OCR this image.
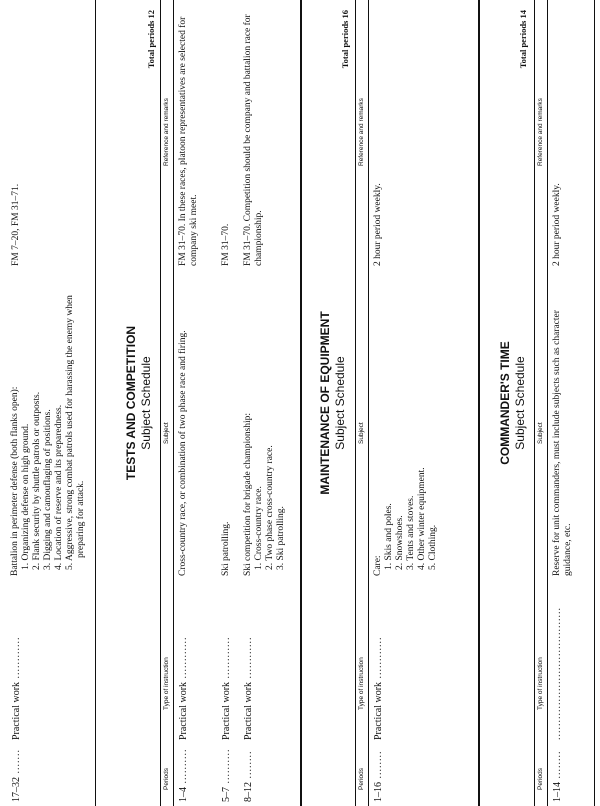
17–32 .......
Practical work ............
Battalion in perimeter defense (both flanks open): 1. Organizing defense on high ground. 2. Flank security by shuttle patrols or outposts. 3. Digging and camouflaging of positions. 4. Location of reserve and its preparedness. 5. Aggressive, strong combat patrols used for harassing the enemy when preparing for attack.
FM 7–20, FM 31–71.
TESTS AND COMPETITION Subject Schedule
Total periods 12
Periods
Type of instruction
Subject
Reference and remarks
1–4 ..........
Practical work ............
Cross-country race, or combination of two phase race and firing.
FM 31–70. In these races, platoon representatives are selected for company ski meet.
5–7 ..........
Practical work ............
Ski patrolling.
FM 31–70.
8–12 ........
Practical work ............
Ski competition for brigade championship: 1. Cross-country race. 2. Two phase cross-country race. 3. Ski patrolling.
FM 31–70. Competition should be company and battalion race for championship.
MAINTENANCE OF EQUIPMENT Subject Schedule
Total periods 16
Periods
Type of instruction
Subject
Reference and remarks
1–16 ........
Practical work ............
Care: 1. Skis and poles. 2. Snowshoes. 3. Tents and stoves. 4. Other winter equipment. 5. Clothing.
2 hour period weekly.
COMMANDER'S TIME Subject Schedule
Total periods 14
Periods
Type of instruction
Subject
Reference and remarks
1–14 ........
......................................
Reserve for unit commanders, must include subjects such as character guidance, etc.
2 hour period weekly.
